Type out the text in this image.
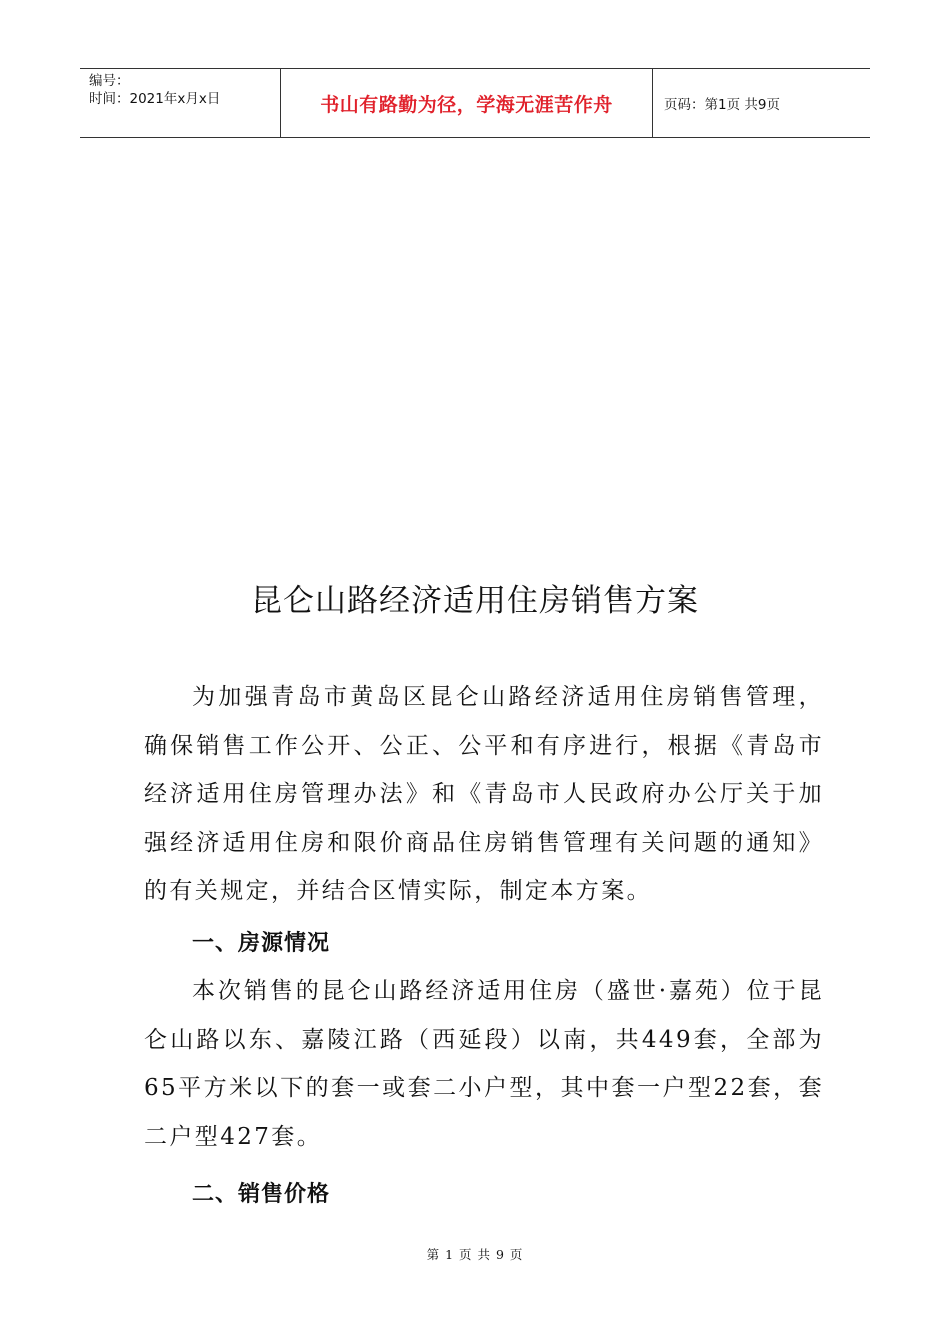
编号：
时间：2021年x月x日	书山有路勤为径，学海无涯苦作舟	页码：第1页 共9页
昆仑山路经济适用住房销售方案

为加强青岛市黄岛区昆仑山路经济适用住房销售管理，确保销售工作公开、公正、公平和有序进行，根据《青岛市经济适用住房管理办法》和《青岛市人民政府办公厅关于加强经济适用住房和限价商品住房销售管理有关问题的通知》的有关规定，并结合区情实际，制定本方案。

一、房源情况

本次销售的昆仑山路经济适用住房（盛世·嘉苑）位于昆仑山路以东、嘉陵江路（西延段）以南，共449套，全部为65平方米以下的套一或套二小户型，其中套一户型22套，套二户型427套。

二、销售价格
第 1 页 共 9 页
